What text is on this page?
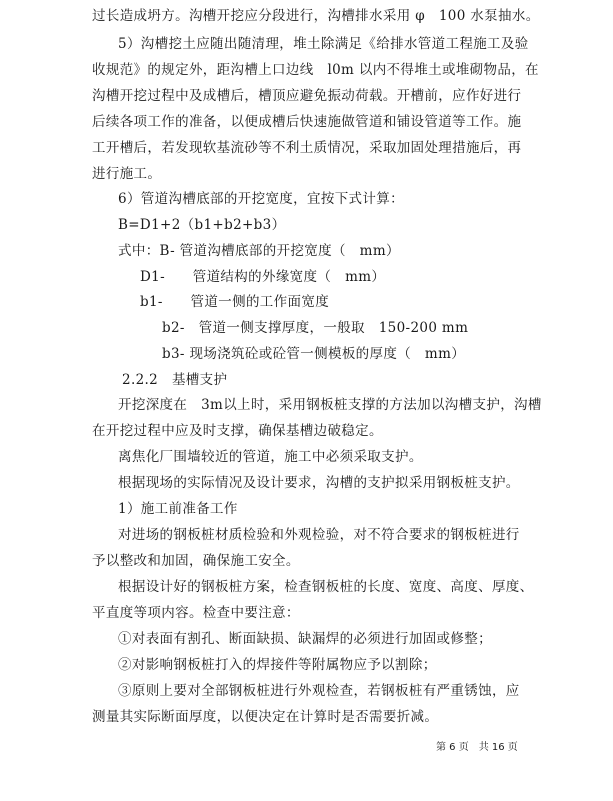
过长造成坍方。沟槽开挖应分段进行，沟槽排水采用 φ　100 水泵抽水。
5）沟槽挖土应随出随清理，堆土除满足《给排水管道工程施工及验
收规范》的规定外，距沟槽上口边线　l0m 以内不得堆土或堆砌物品，在
沟槽开挖过程中及成槽后，槽顶应避免振动荷载。开槽前，应作好进行
后续各项工作的准备，以便成槽后快速施做管道和铺设管道等工作。施
工开槽后，若发现软基流砂等不利土质情况，采取加固处理措施后，再
进行施工。
6）管道沟槽底部的开挖宽度，宜按下式计算：
B=D1+2（b1+b2+b3）
式中：B- 管道沟槽底部的开挖宽度（　mm）
D1-　　管道结构的外缘宽度（　mm）
b1-　　管道一侧的工作面宽度
b2-　管道一侧支撑厚度，一般取　150-200 mm
b3- 现场浇筑砼或砼管一侧模板的厚度（　mm）
2.2.2　基槽支护
开挖深度在　3m以上时，采用钢板桩支撑的方法加以沟槽支护，沟槽
在开挖过程中应及时支撑，确保基槽边破稳定。
离焦化厂围墙较近的管道，施工中必须采取支护。
根据现场的实际情况及设计要求，沟槽的支护拟采用钢板桩支护。
1）施工前准备工作
对进场的钢板桩材质检验和外观检验，对不符合要求的钢板桩进行
予以整改和加固，确保施工安全。
根据设计好的钢板桩方案，检查钢板桩的长度、宽度、高度、厚度、
平直度等项内容。检查中要注意：
①对表面有割孔、断面缺损、缺漏焊的必须进行加固或修整；
②对影响钢板桩打入的焊接件等附属物应予以割除；
③原则上要对全部钢板桩进行外观检查，若钢板桩有严重锈蚀，应
测量其实际断面厚度，以便决定在计算时是否需要折减。
第 6 页　共 16 页
